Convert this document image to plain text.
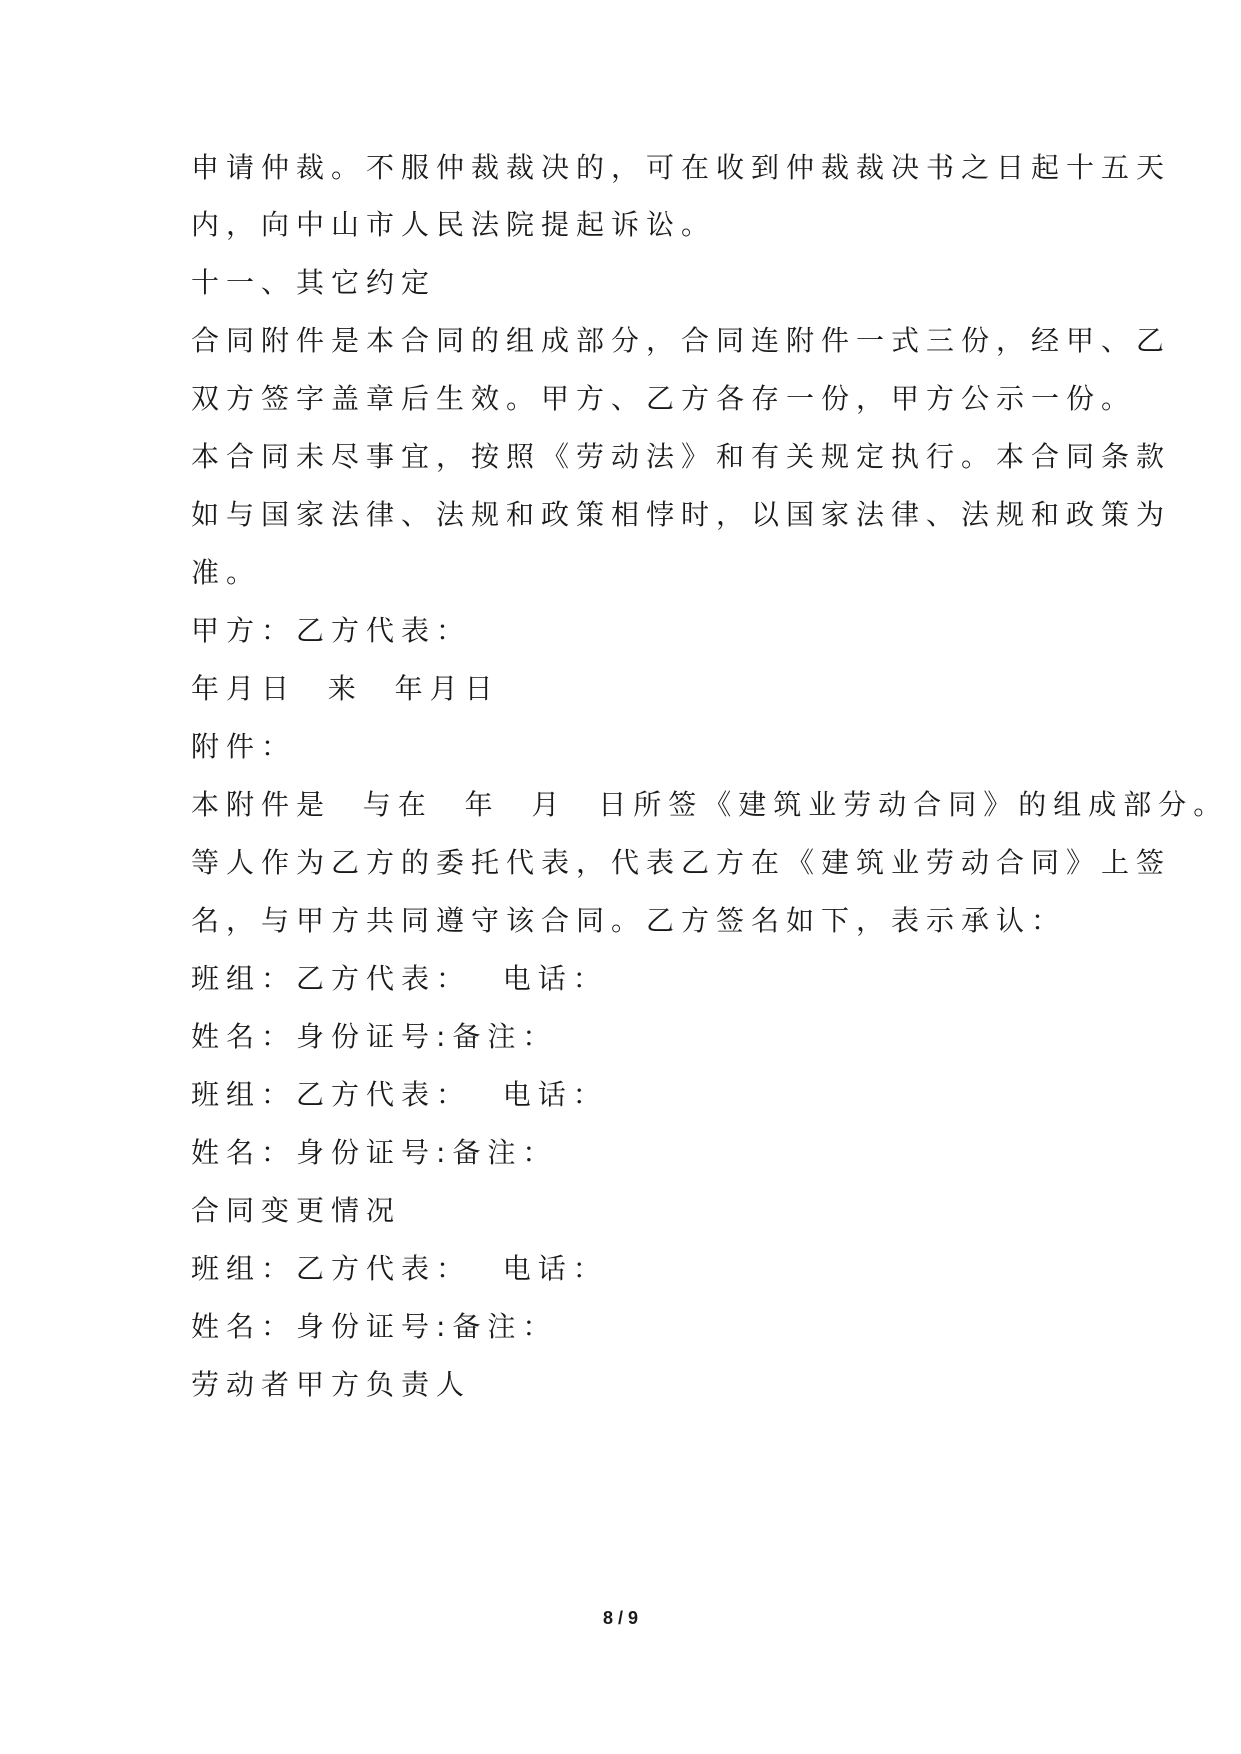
申请仲裁。不服仲裁裁决的，可在收到仲裁裁决书之日起十五天
内，向中山市人民法院提起诉讼。
十一、其它约定
合同附件是本合同的组成部分，合同连附件一式三份，经甲、乙
双方签字盖章后生效。甲方、乙方各存一份，甲方公示一份。
本合同未尽事宜，按照《劳动法》和有关规定执行。本合同条款
如与国家法律、法规和政策相悖时，以国家法律、法规和政策为
准。
甲方：乙方代表：
年月日  来  年月日
附件：
本附件是  与在  年  月  日所签《建筑业劳动合同》的组成部分。
等人作为乙方的委托代表，代表乙方在《建筑业劳动合同》上签
名，与甲方共同遵守该合同。乙方签名如下，表示承认：
班组：乙方代表：  电话：
姓名：身份证号:备注：
班组：乙方代表：  电话：
姓名：身份证号:备注：
合同变更情况
班组：乙方代表：  电话：
姓名：身份证号:备注：
劳动者甲方负责人
8 / 9
